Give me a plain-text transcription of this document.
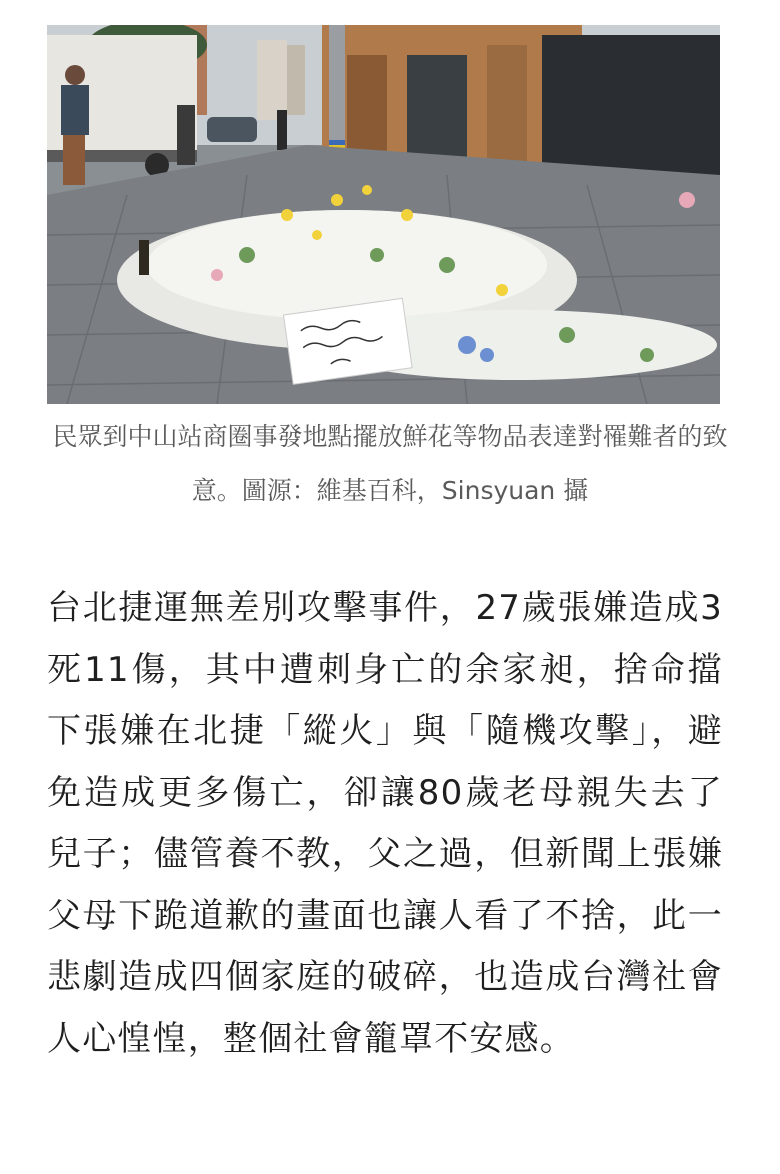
民眾到中山站商圈事發地點擺放鮮花等物品表達對罹難者的致意。圖源：維基百科，Sinsyuan 攝

台北捷運無差別攻擊事件，27歲張嫌造成3死11傷，其中遭刺身亡的余家昶，捨命擋下張嫌在北捷「縱火」與「隨機攻擊」，避免造成更多傷亡，卻讓80歲老母親失去了兒子；儘管養不教，父之過，但新聞上張嫌父母下跪道歉的畫面也讓人看了不捨，此一悲劇造成四個家庭的破碎，也造成台灣社會人心惶惶，整個社會籠罩不安感。
